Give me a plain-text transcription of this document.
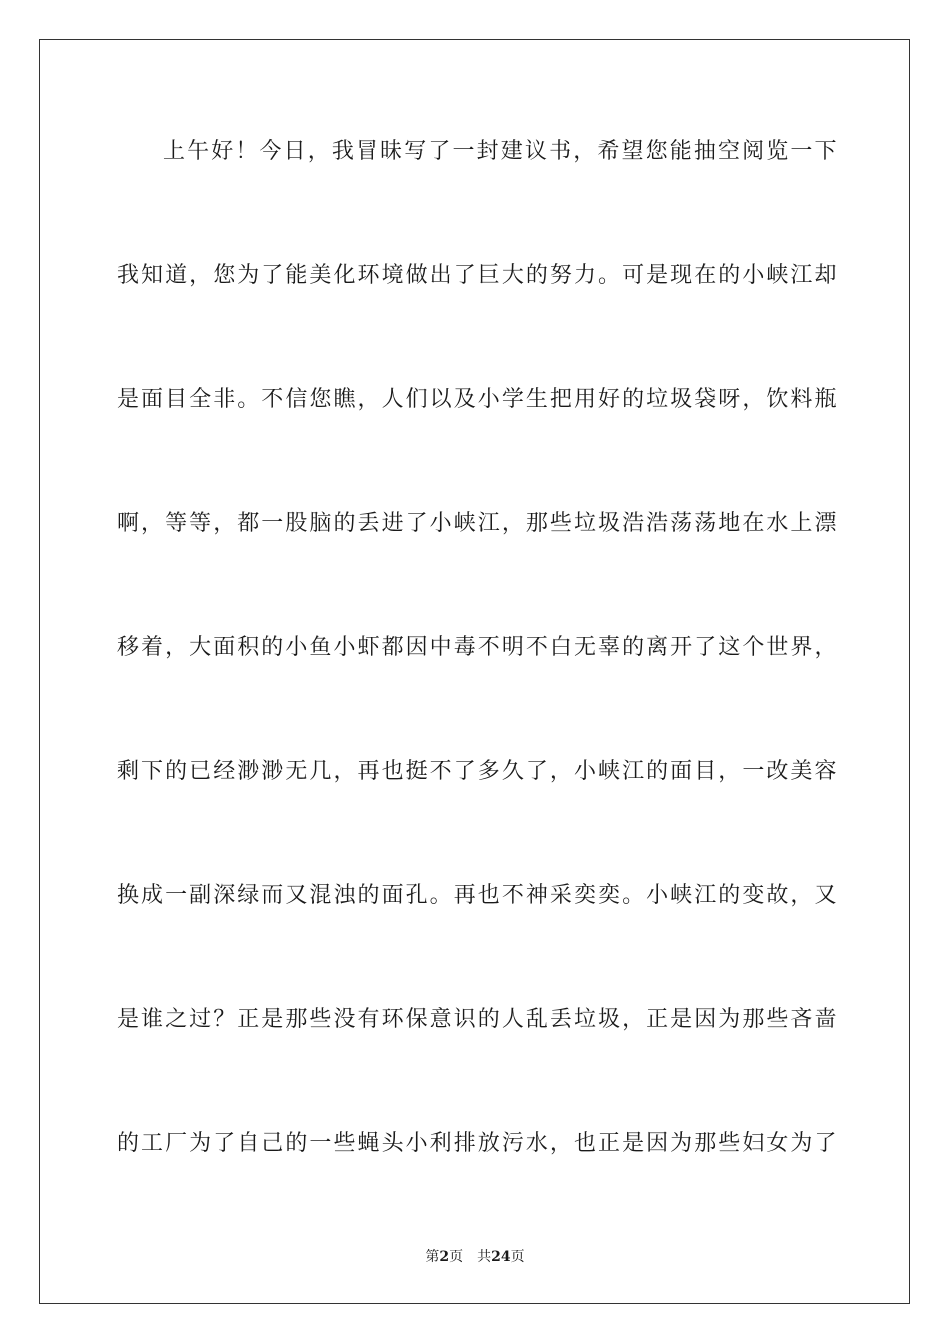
上午好！今日，我冒昧写了一封建议书，希望您能抽空阅览一下
我知道，您为了能美化环境做出了巨大的努力。可是现在的小峡江却
是面目全非。不信您瞧，人们以及小学生把用好的垃圾袋呀，饮料瓶
啊，等等，都一股脑的丢进了小峡江，那些垃圾浩浩荡荡地在水上漂
移着，大面积的小鱼小虾都因中毒不明不白无辜的离开了这个世界，
剩下的已经渺渺无几，再也挺不了多久了，小峡江的面目，一改美容
换成一副深绿而又混浊的面孔。再也不神采奕奕。小峡江的变故，又
是谁之过？正是那些没有环保意识的人乱丢垃圾，正是因为那些吝啬
的工厂为了自己的一些蝇头小利排放污水，也正是因为那些妇女为了
第2页 共24页
